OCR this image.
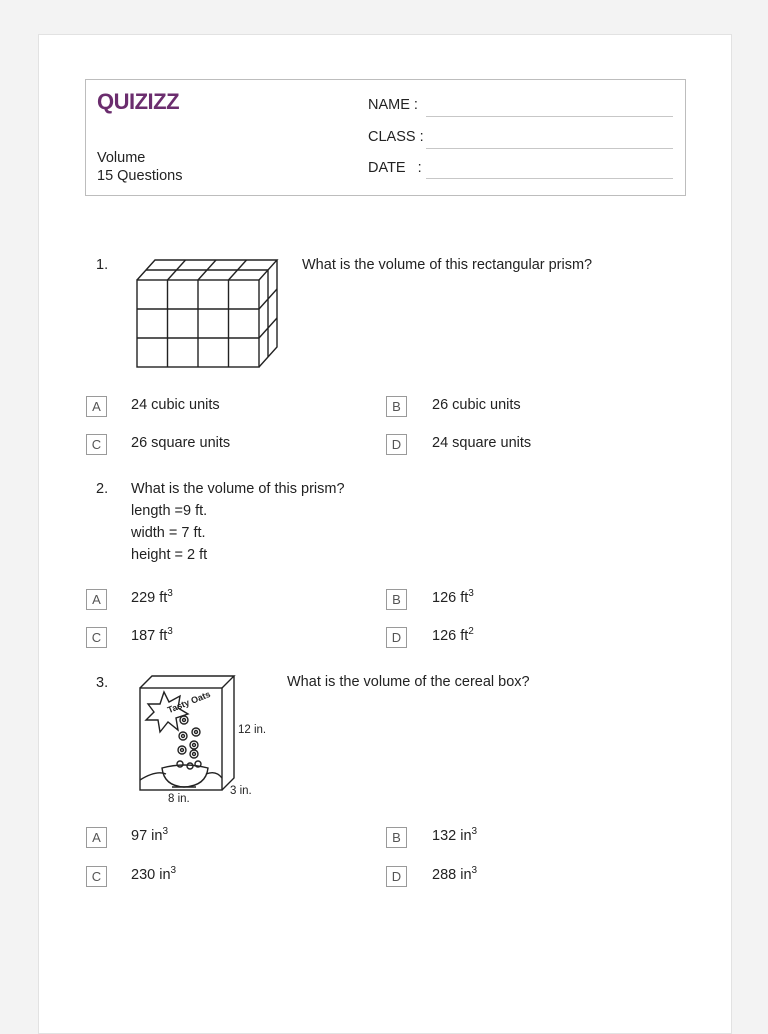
QUIZIZZ
Volume
15 Questions
NAME :
CLASS :
DATE   :
1.	What is the volume of this rectangular prism?
A	24 cubic units	B	26 cubic units
C	26 square units	D	24 square units
2. What is the volume of this prism?
length =9 ft.
width = 7 ft.
height = 2 ft
A	229 $ft^3$	B	126 $ft^3$
C	187 $ft^3$	D	126 $ft^2$
3.
Tasty Oats
12 in.
3 in.
8 in.
What is the volume of the cereal box?
A	97 $in^3$	B	132 $in^3$
C	230 $in^3$	D	288 $in^3$
